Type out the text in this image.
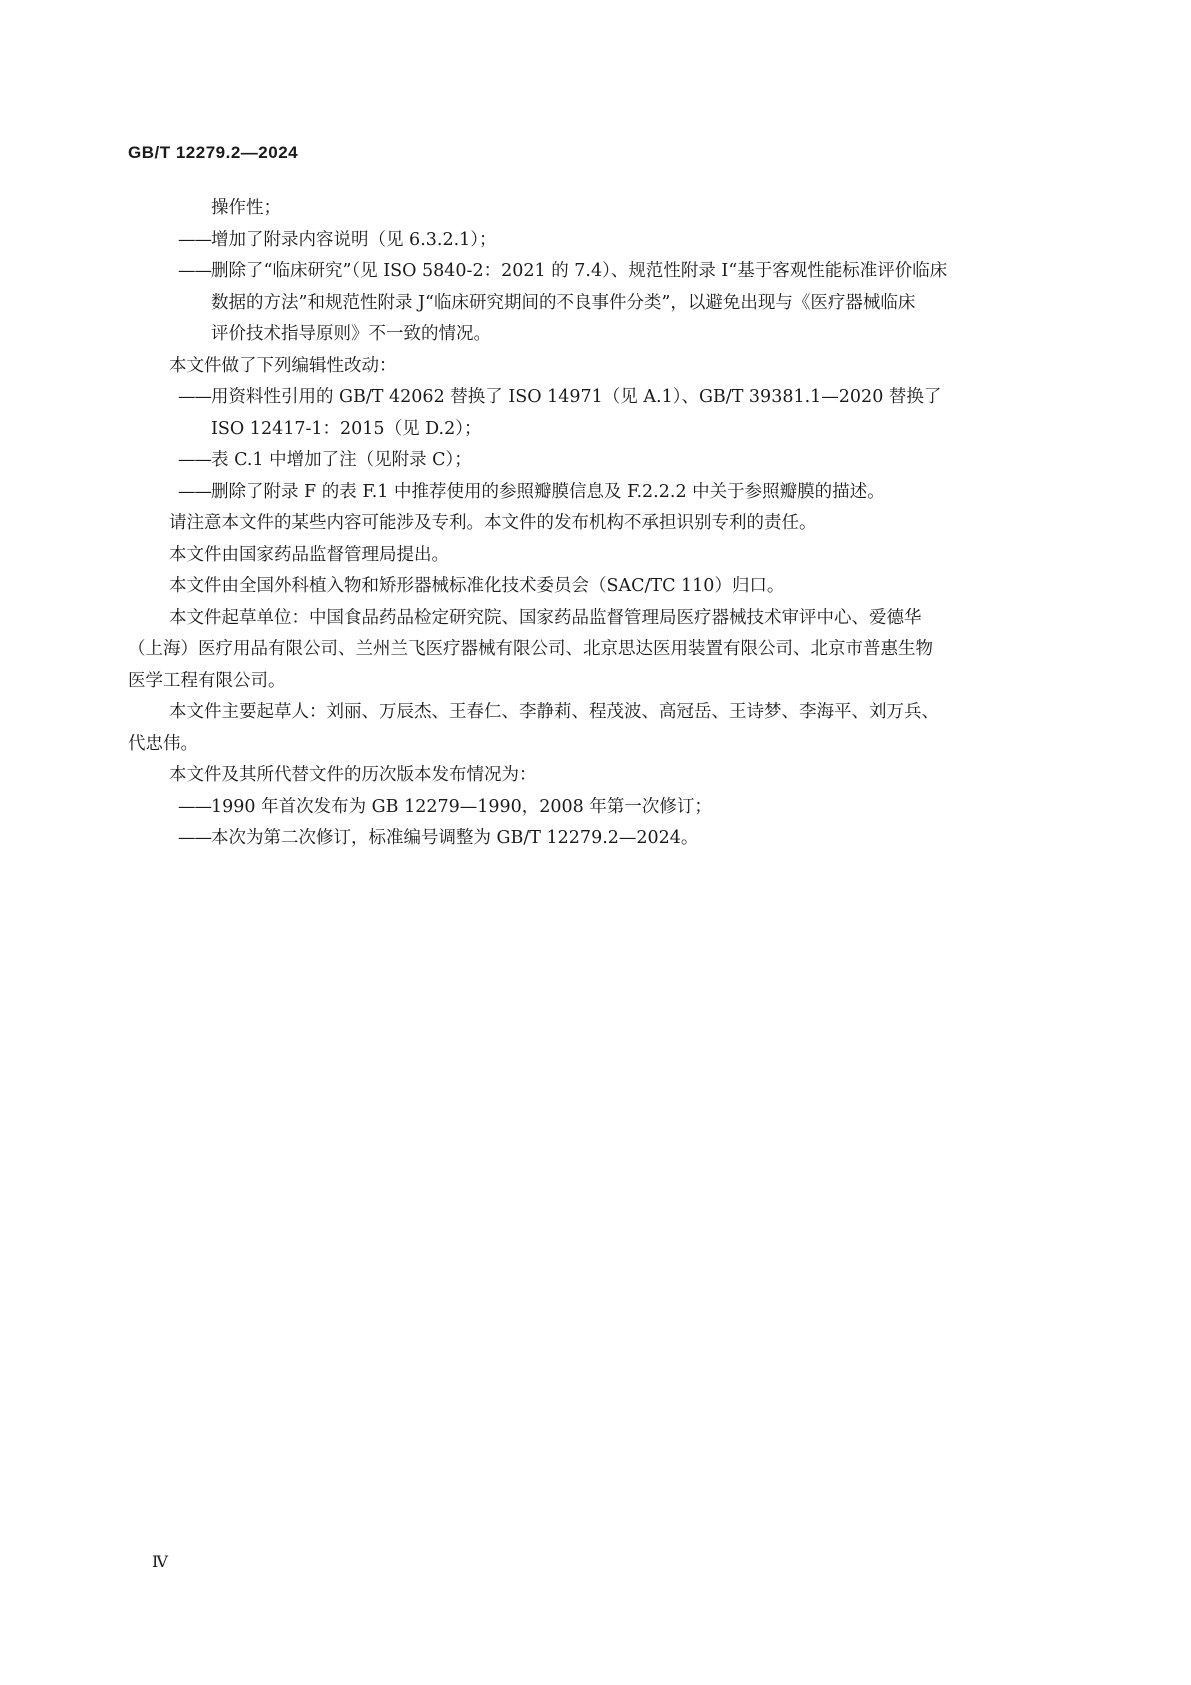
GB/T 12279.2—2024
操作性；
—— 增加了附录内容说明（见 6.3.2.1）；
—— 删除了“临床研究”（见 ISO 5840-2：2021 的 7.4）、规范性附录 I“基于客观性能标准评价临床
数据的方法”和规范性附录 J“临床研究期间的不良事件分类”，以避免出现与《医疗器械临床
评价技术指导原则》不一致的情况。
本文件做了下列编辑性改动：
—— 用资料性引用的 GB/T 42062 替换了 ISO 14971（见 A.1）、GB/T 39381.1—2020 替换了
ISO 12417-1：2015（见 D.2）；
—— 表 C.1 中增加了注（见附录 C）；
—— 删除了附录 F 的表 F.1 中推荐使用的参照瓣膜信息及 F.2.2.2 中关于参照瓣膜的描述。
请注意本文件的某些内容可能涉及专利。本文件的发布机构不承担识别专利的责任。
本文件由国家药品监督管理局提出。
本文件由全国外科植入物和矫形器械标准化技术委员会（SAC/TC 110）归口。
本文件起草单位：中国食品药品检定研究院、国家药品监督管理局医疗器械技术审评中心、爱德华
（上海）医疗用品有限公司、兰州兰飞医疗器械有限公司、北京思达医用装置有限公司、北京市普惠生物
医学工程有限公司。
本文件主要起草人：刘丽、万辰杰、王春仁、李静莉、程茂波、高冠岳、王诗梦、李海平、刘万兵、
代忠伟。
本文件及其所代替文件的历次版本发布情况为：
—— 1990 年首次发布为 GB 12279—1990，2008 年第一次修订；
—— 本次为第二次修订，标准编号调整为 GB/T 12279.2—2024。
Ⅳ
